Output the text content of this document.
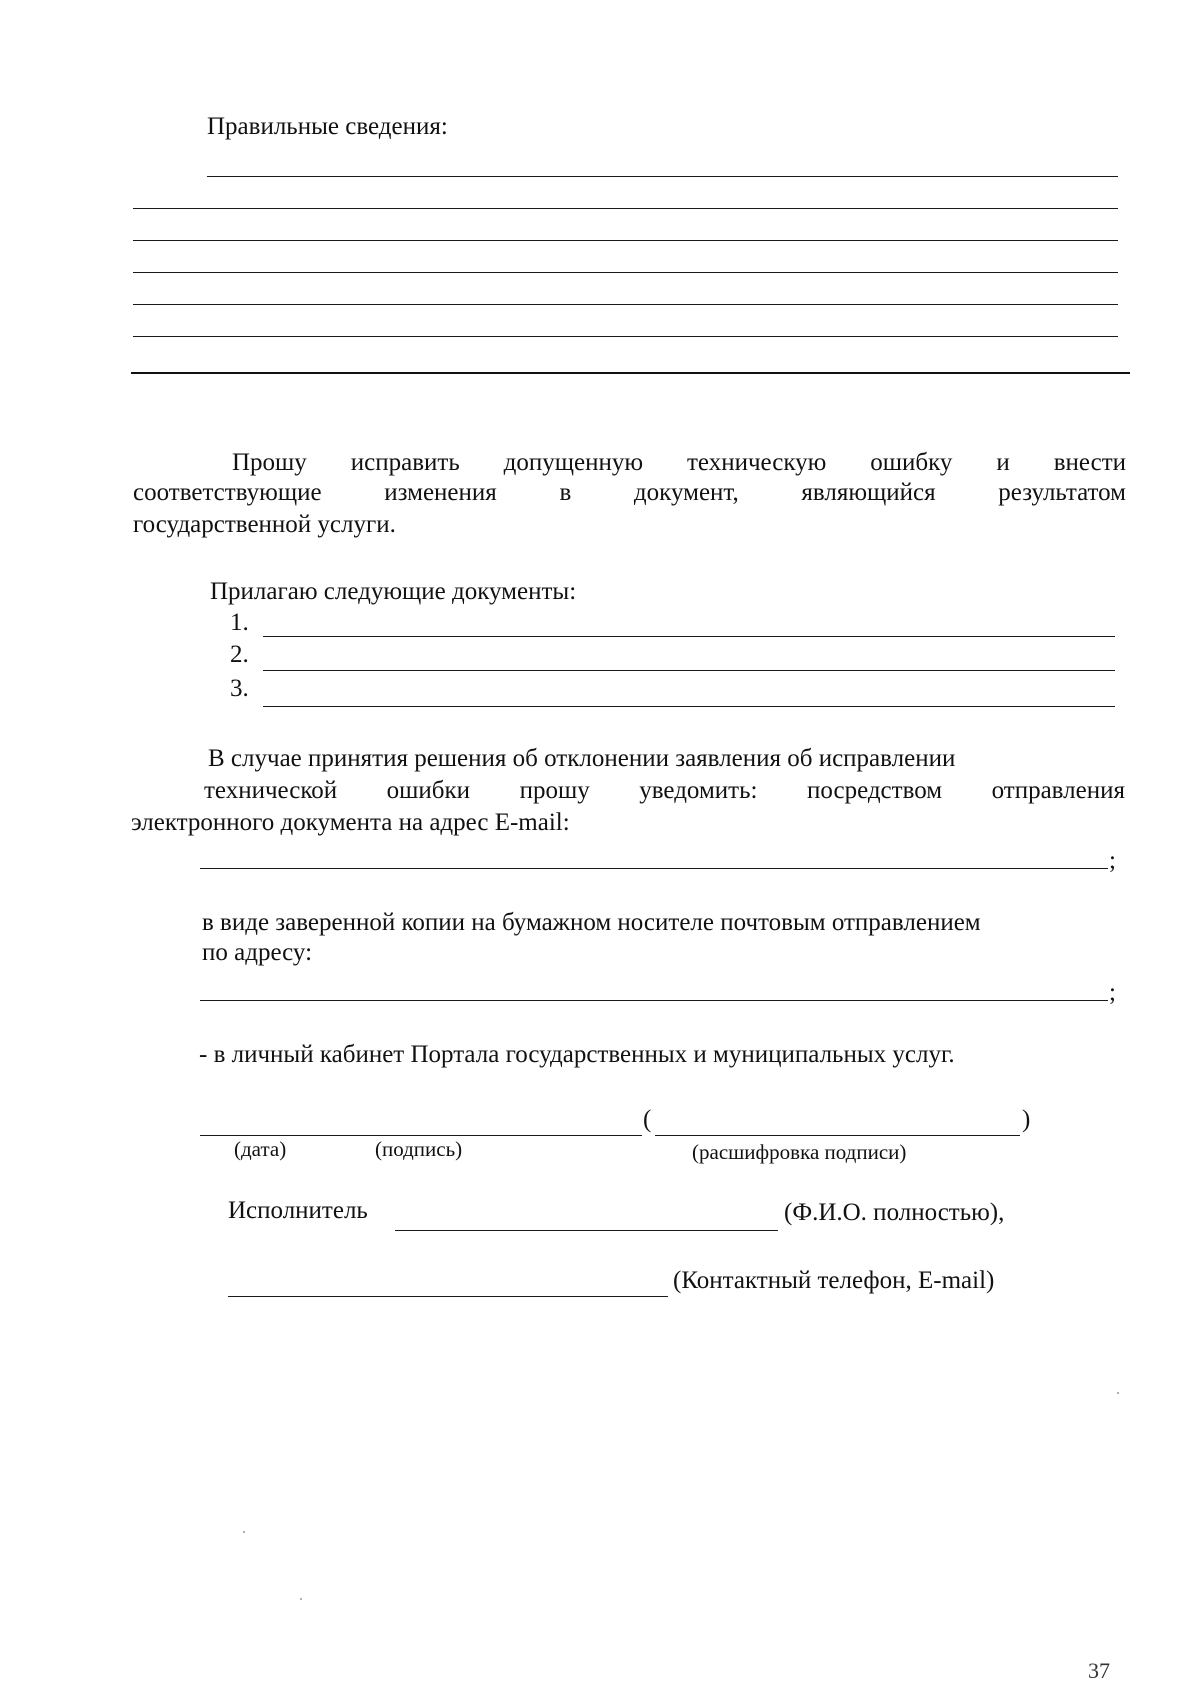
Правильные сведения:
Прошу исправить допущенную техническую ошибку и внести
соответствующие изменения в документ, являющийся результатом
государственной услуги.
Прилагаю следующие документы:
1.
2.
3.
В случае принятия решения об отклонении заявления об исправлении
технической ошибки прошу уведомить: посредством отправления
электронного документа на адрес E-mail:
;
в виде заверенной копии на бумажном носителе почтовым отправлением
по адресу:
;
- в личный кабинет Портала государственных и муниципальных услуг.
(	)
(дата)	(подпись)	(расшифровка подписи)
Исполнитель	(Ф.И.О. полностью),
(Контактный телефон, E-mail)
37
